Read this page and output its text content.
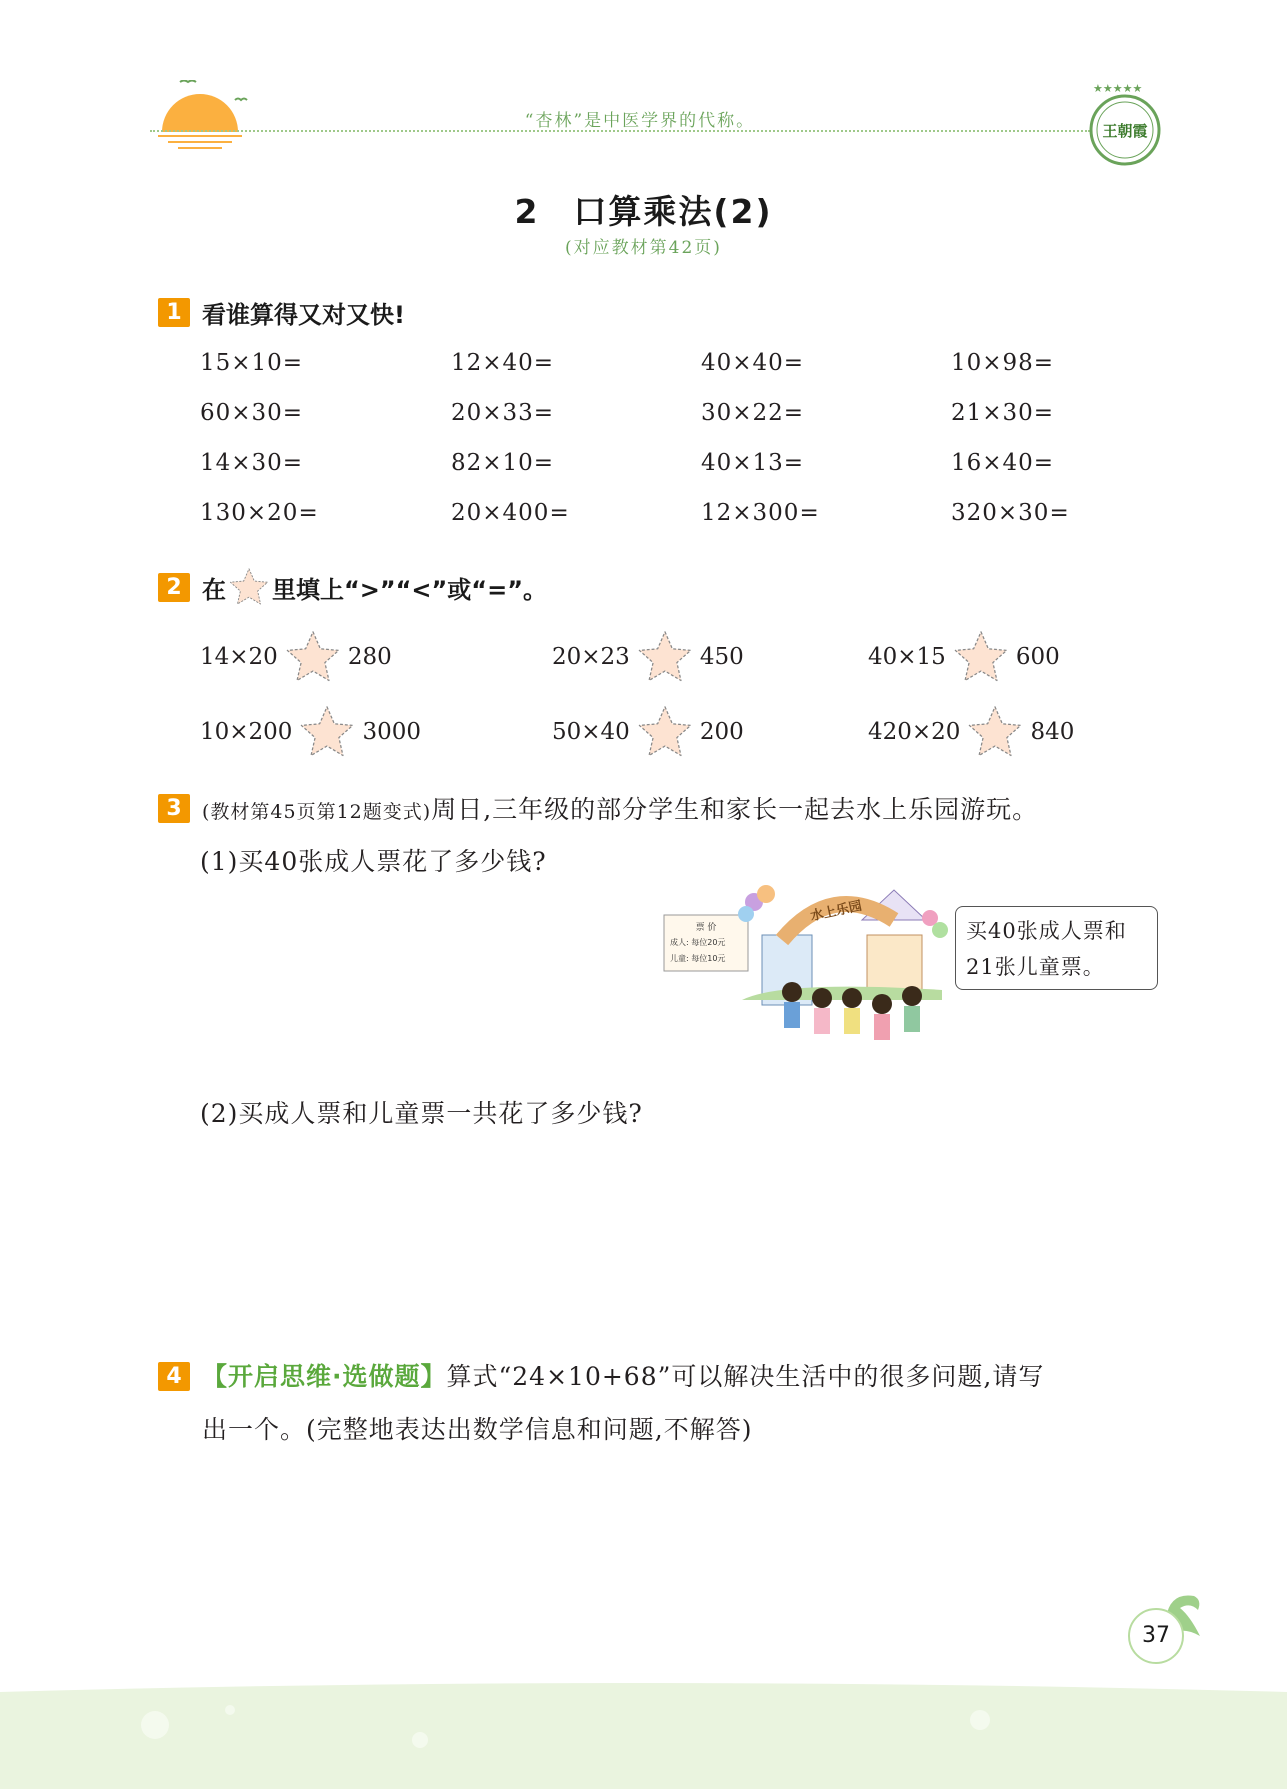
“杏林”是中医学界的代称。
★★★★★
王朝霞
2 口算乘法(2)
(对应教材第42页)
1 看谁算得又对又快!
15×10=	12×40=	40×40=	10×98=
60×30=	20×33=	30×22=	21×30=
14×30=	82×10=	40×13=	16×40=
130×20=	20×400=	12×300=	320×30=
2 在 里填上“>”“<”或“=”。
14×20	280	20×23	450	40×15	600
10×200	3000	50×40	200	420×20	840
3	(教材第45页第12题变式)周日,三年级的部分学生和家长一起去水上乐园游玩。
(1)买40张成人票花了多少钱?
票 价
成人: 每位20元
儿童: 每位10元
水上乐园
买40张成人票和
21张儿童票。
(2)买成人票和儿童票一共花了多少钱?
4 【开启思维·选做题】算式“24×10+68”可以解决生活中的很多问题,请写
出一个。(完整地表达出数学信息和问题,不解答)
37
